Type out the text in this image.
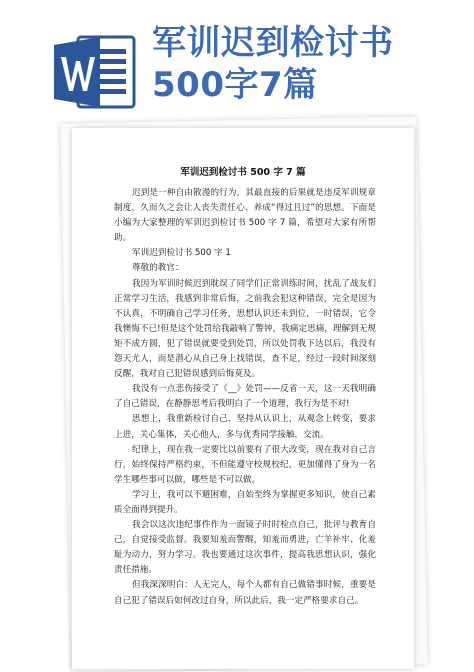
军训迟到检讨书500字7篇
军训迟到检讨书 500 字 7 篇

迟到是一种自由散漫的行为，其最直接的后果就是违反军训规章制度，久而久之会让人丧失责任心、养成“得过且过”的思想。下面是小编为大家整理的军训迟到检讨书 500 字 7 篇，希望对大家有所帮助。

军训迟到检讨书 500 字 1

尊敬的教官：

我因为军训时候迟到耽误了同学们正常训练时间，扰乱了战友们正常学习生活，我感到非常后悔，之前我会犯这种错误，完全是因为不认真，不明确自己学习任务，思想认识还未到位，一时错误，它令我懊悔不已!但是这个处罚给我敲响了警钟，我痛定思痛，理解到无规矩不成方圆，犯了错误就要受到处罚，所以处罚我下达以后，我没有怨天尤人，而是潜心从自己身上找错误，查不足，经过一段时间深刻反醒，我对自己犯错误感到后悔莫及。

我没有一点悲伤接受了《__》处罚——反省一天，这一天我明确了自己错误，在静静思考后我明白了一个道理，我行为是不对!

思想上，我重新检讨自己，坚持从认识上，从观念上转变，要求上进，关心集体，关心他人，多与优秀同学接触，交流。

纪律上，现在我一定要比以前要有了很大改变，现在我对自己言行，始终保持严格约束，不但能遵守校规校纪，更加懂得了身为一名学生哪些事可以做，哪些是不可以做。

学习上，我可以不避困难，自始至终为掌握更多知识，使自己素质全面得到提升。

我会以这次违纪事件作为一面镜子时时检点自己，批评与教育自己，自觉接受监督。我要知羞而警醒，知羞而勇进，亡羊补牢、化羞耻为动力，努力学习。我也要通过这次事件，提高我思想认识，强化责任措施。

但我深深明白：人无完人，每个人都有自己做错事时候，重要是自己犯了错误后如何改过自身，所以此后，我一定严格要求自己。
